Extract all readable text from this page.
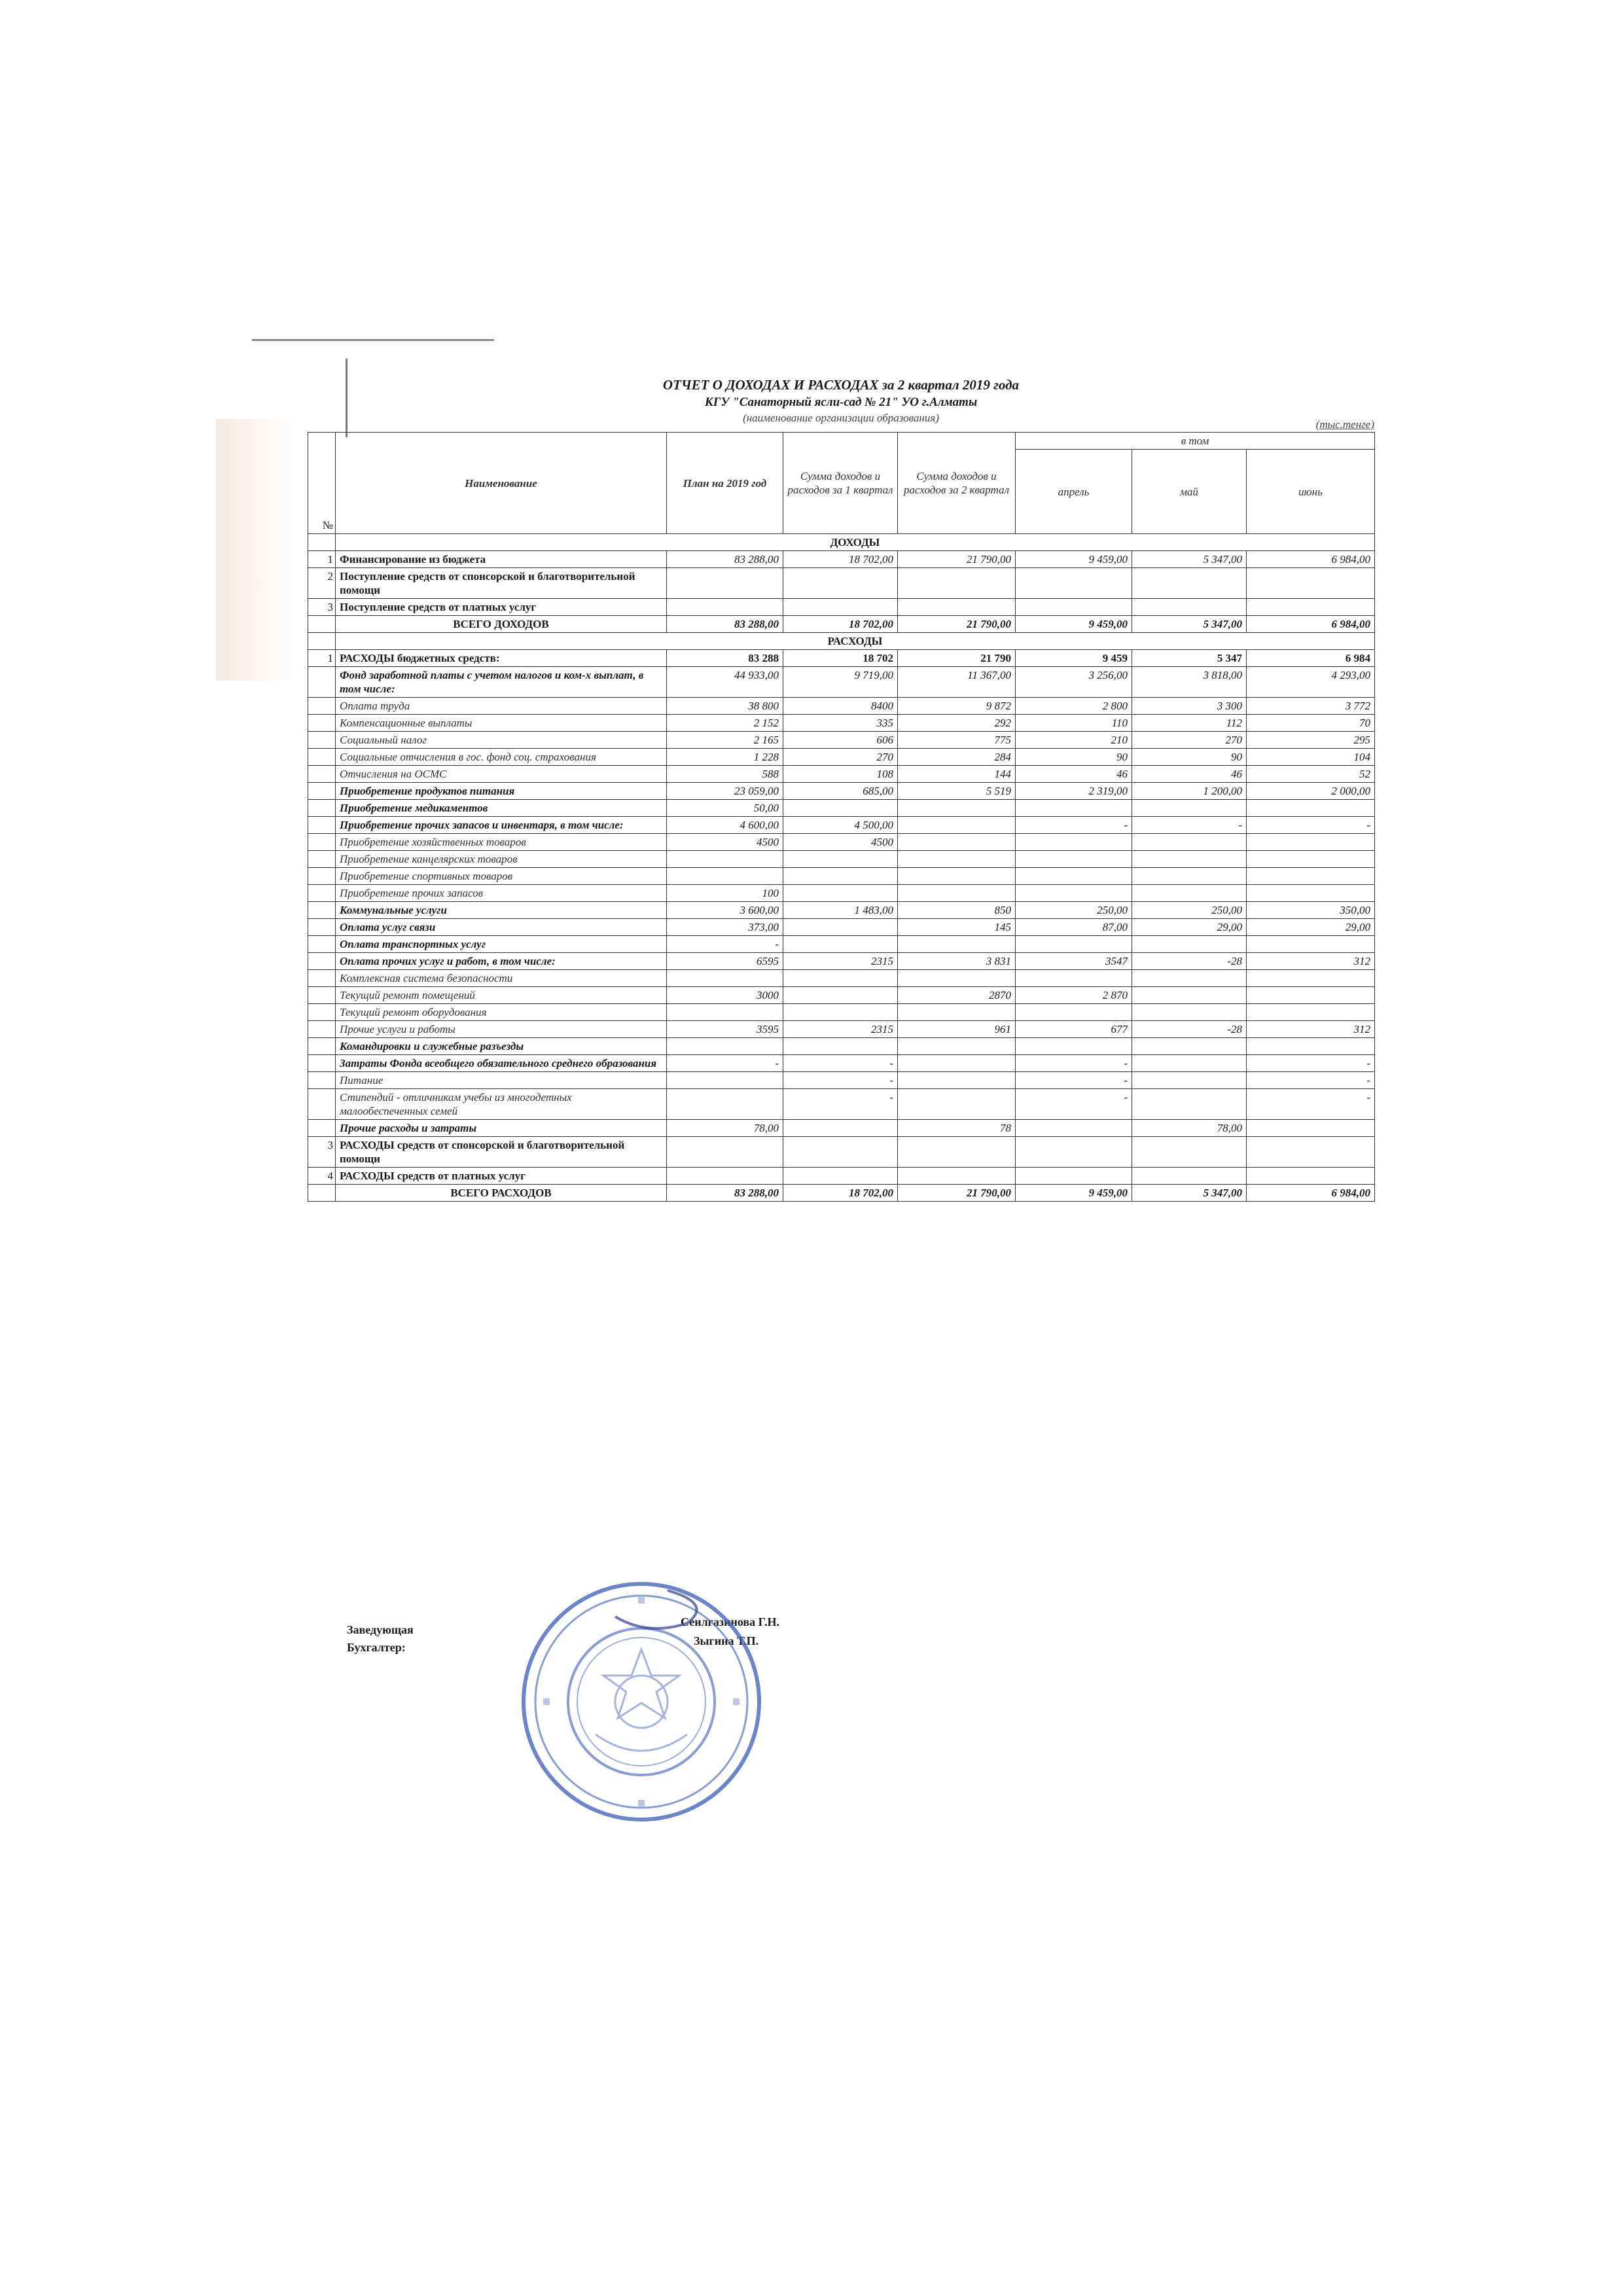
ОТЧЕТ О ДОХОДАХ И РАСХОДАХ за 2 квартал 2019 года
КГУ "Санаторный ясли-сад № 21" УО г.Алматы
(наименование организации образования)
(тыс.тенге)
№	Наименование	План на 2019 год	Сумма доходов и расходов за 1 квартал	Сумма доходов и расходов за 2 квартал	в том		
					апрель	май	июнь
	ДОХОДЫ						
1	Финансирование из бюджета	83 288,00	18 702,00	21 790,00	9 459,00	5 347,00	6 984,00
2	Поступление средств от спонсорской и благотворительной помощи						
3	Поступление средств от платных услуг						
	ВСЕГО ДОХОДОВ	83 288,00	18 702,00	21 790,00	9 459,00	5 347,00	6 984,00
	РАСХОДЫ						
1	РАСХОДЫ бюджетных средств:	83 288	18 702	21 790	9 459	5 347	6 984
	Фонд заработной платы с учетом налогов и ком-х выплат, в том числе:	44 933,00	9 719,00	11 367,00	3 256,00	3 818,00	4 293,00
	Оплата труда	38 800	8400	9 872	2 800	3 300	3 772
	Компенсационные выплаты	2 152	335	292	110	112	70
	Социальный налог	2 165	606	775	210	270	295
	Социальные отчисления в гос. фонд соц. страхования	1 228	270	284	90	90	104
	Отчисления на ОСМС	588	108	144	46	46	52
	Приобретение продуктов питания	23 059,00	685,00	5 519	2 319,00	1 200,00	2 000,00
	Приобретение медикаментов	50,00					
	Приобретение прочих запасов и инвентаря, в том числе:	4 600,00	4 500,00		-	-	-
	Приобретение хозяйственных товаров	4500	4500				
	Приобретение канцелярских товаров						
	Приобретение спортивных товаров						
	Приобретение прочих запасов	100					
	Коммунальные услуги	3 600,00	1 483,00	850	250,00	250,00	350,00
	Оплата услуг связи	373,00		145	87,00	29,00	29,00
	Оплата транспортных услуг	-					
	Оплата прочих услуг и работ, в том числе:	6595	2315	3 831	3547	-28	312
	Комплексная система безопасности						
	Текущий ремонт помещений	3000		2870	2 870		
	Текущий ремонт оборудования						
	Прочие услуги и работы	3595	2315	961	677	-28	312
	Командировки и служебные разъезды						
	Затраты Фонда всеобщего обязательного среднего образования	-	-		-		-
	Питание		-		-		-
	Стипендий - отличникам учебы из многодетных малообеспеченных семей		-		-		-
	Прочие расходы и затраты	78,00		78		78,00	
3	РАСХОДЫ средств от спонсорской и благотворительной помощи						
4	РАСХОДЫ средств от платных услуг						
	ВСЕГО РАСХОДОВ	83 288,00	18 702,00	21 790,00	9 459,00	5 347,00	6 984,00
Заведующая
Сеилгазинова Г.Н.
Бухгалтер:	Зыгина Т.П.
